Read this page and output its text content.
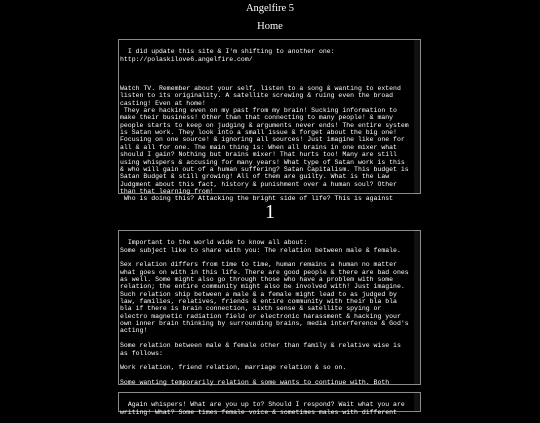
Angelfire 5
Home

I did update this site & I'm shifting to another one:
http://polaskilove6.angelfire.com/

Watch TV. Remember about your self, listen to a song & wanting to extend listen to its originality. A satellite screwing & ruing even the broad casting! Even at home!
They are hacking even on my past from my brain! Sucking information to make their business! Other than that connecting to many people! & many people starts to keep on judging & arguments never ends! The entire system is Satan work. They look into a small issue & forget about the big one! Focusing on one source! & ignoring all sources! Just imagine like one for all & all for one. The main thing is: When all brains in one mixer what should I gain? Nothing but brains mixer! That hurts too! Many are still using whispers & accusing for many years! What type of Satan work is this & who will gain out of a human suffering? Satan Capitalism. This budget is Satan Budget & still growing! All of them are guilty. What is the Law Judgment about this fact, history & punishment over a human soul? Other than that learning from!
Who is doing this? Attacking the bright side of life? This is against

1

Important to the world wide to know all about:
Some subject like to share with you: The relation between male & female.

Sex relation differs from time to time, human remains a human no matter what goes on with in this life. There are good people & there are bad ones as well. Some might also go through those who have a problem with some relation; the entire community might also be involved with! Just imagine. Such relation ship between a male & a female might lead to as judged by law, families, relatives, friends & entire community with their bla bla bla if there is brain connection, sixth sense & satellite spying or electro magnetic radiation field or electronic harassment & hacking your own inner brain thinking by surrounding brains, media interference & God's acting!

Some relation between male & female other than family & relative wise is as follows:

Work relation, friend relation, marriage relation & so on.

Some wanting temporarily relation & some wants to continue with. Both

Again whispers! What are you up to? Should I respond? Wait what you are writing! What? Some times female voice & sometimes males with different
